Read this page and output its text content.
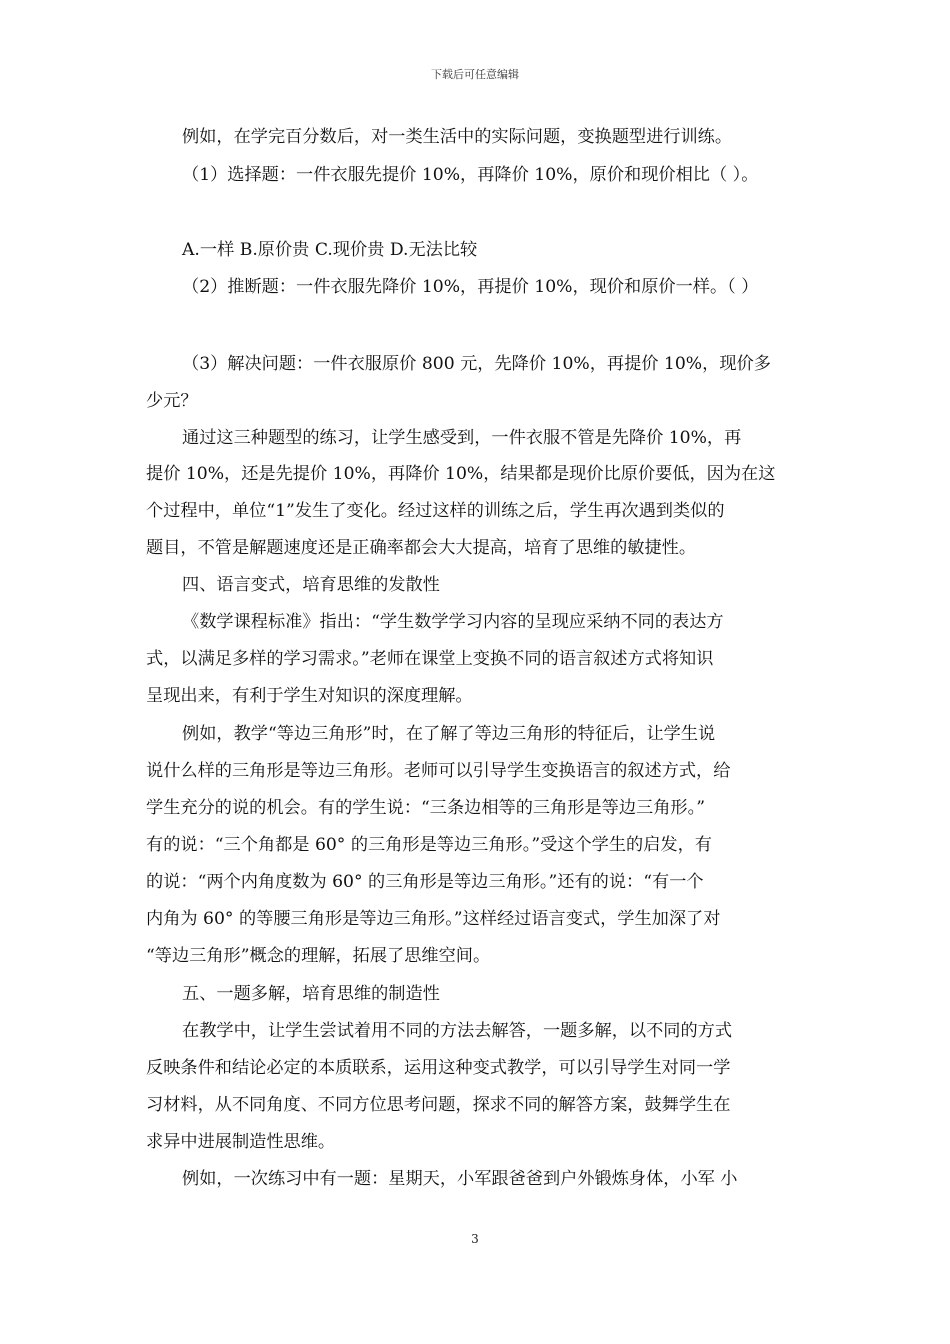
下载后可任意编辑
例如，在学完百分数后，对一类生活中的实际问题，变换题型进行训练。
（1）选择题：一件衣服先提价 10%，再降价 10%，原价和现价相比（ ）。
A.一样 B.原价贵 C.现价贵 D.无法比较
（2）推断题：一件衣服先降价 10%，再提价 10%，现价和原价一样。（ ）
（3）解决问题：一件衣服原价 800 元，先降价 10%，再提价 10%，现价多
少元？
通过这三种题型的练习，让学生感受到，一件衣服不管是先降价 10%，再
提价 10%，还是先提价 10%，再降价 10%，结果都是现价比原价要低，因为在这
个过程中，单位“1”发生了变化。经过这样的训练之后，学生再次遇到类似的
题目，不管是解题速度还是正确率都会大大提高，培育了思维的敏捷性。
四、语言变式，培育思维的发散性
《数学课程标准》指出：“学生数学学习内容的呈现应采纳不同的表达方
式，以满足多样的学习需求。”老师在课堂上变换不同的语言叙述方式将知识
呈现出来，有利于学生对知识的深度理解。
例如，教学“等边三角形”时，在了解了等边三角形的特征后，让学生说
说什么样的三角形是等边三角形。老师可以引导学生变换语言的叙述方式，给
学生充分的说的机会。有的学生说：“三条边相等的三角形是等边三角形。”
有的说：“三个角都是 60° 的三角形是等边三角形。”受这个学生的启发，有
的说：“两个内角度数为 60° 的三角形是等边三角形。”还有的说：“有一个
内角为 60° 的等腰三角形是等边三角形。”这样经过语言变式，学生加深了对
“等边三角形”概念的理解，拓展了思维空间。
五、一题多解，培育思维的制造性
在教学中，让学生尝试着用不同的方法去解答，一题多解，以不同的方式
反映条件和结论必定的本质联系，运用这种变式教学，可以引导学生对同一学
习材料，从不同角度、不同方位思考问题，探求不同的解答方案，鼓舞学生在
求异中进展制造性思维。
例如，一次练习中有一题：星期天，小军跟爸爸到户外锻炼身体，小军 小
3
